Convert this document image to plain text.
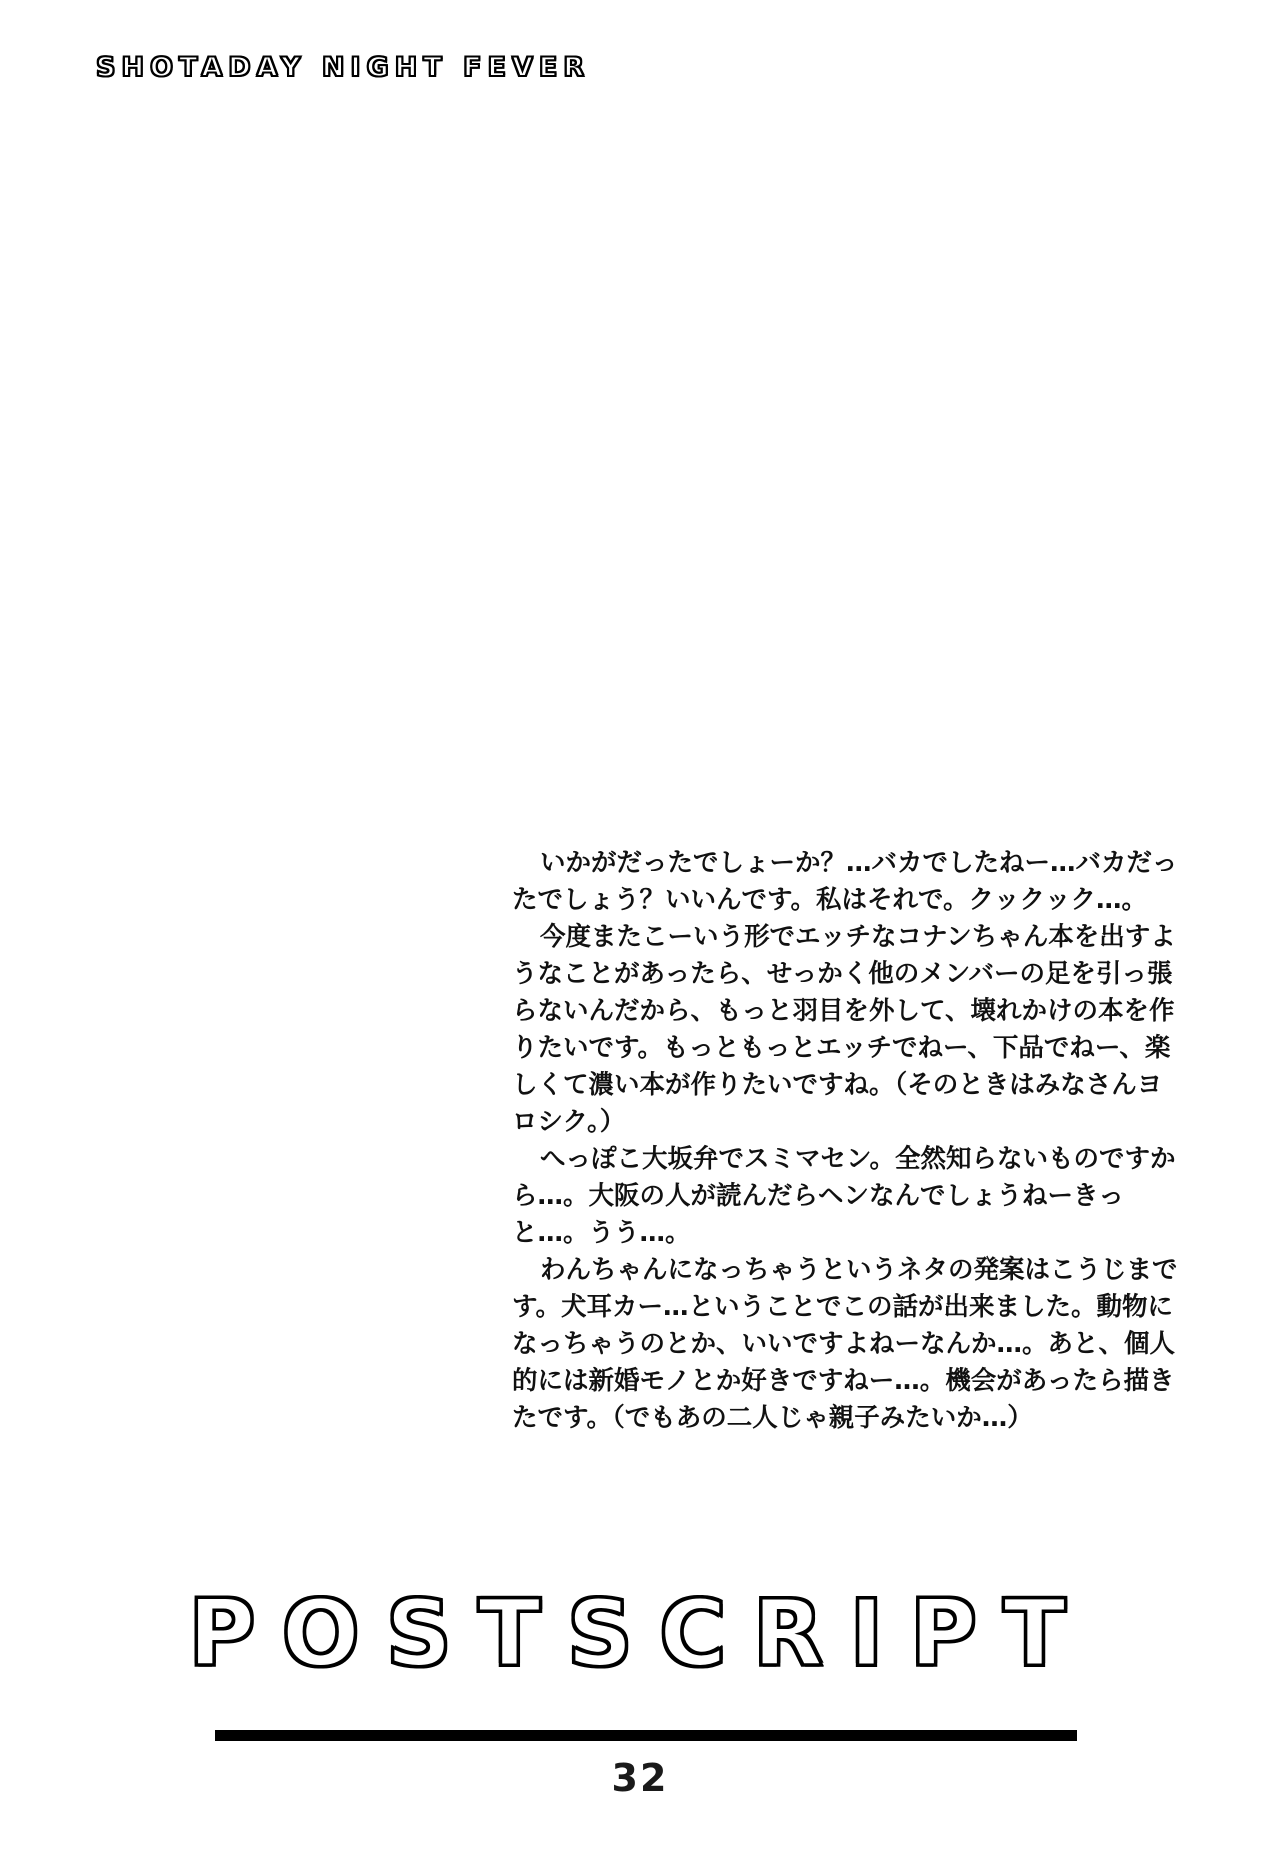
SHOTADAY NIGHT FEVER

いかがだったでしょーか？…バカでしたねー…バカだったでしょう？いいんです。私はそれで。クックック…。

今度またこーいう形でエッチなコナンちゃん本を出すようなことがあったら、せっかく他のメンバーの足を引っ張らないんだから、もっと羽目を外して、壊れかけの本を作りたいです。もっともっとエッチでねー、下品でねー、楽しくて濃い本が作りたいですね。（そのときはみなさんヨロシク。）

へっぽこ大坂弁でスミマセン。全然知らないものですから…。大阪の人が読んだらヘンなんでしょうねーきっと…。うう…。

わんちゃんになっちゃうというネタの発案はこうじまです。犬耳カー…ということでこの話が出来ました。動物になっちゃうのとか、いいですよねーなんか…。あと、個人的には新婚モノとか好きですねー…。機会があったら描きたです。（でもあの二人じゃ親子みたいか…）

POSTSCRIPT
32
